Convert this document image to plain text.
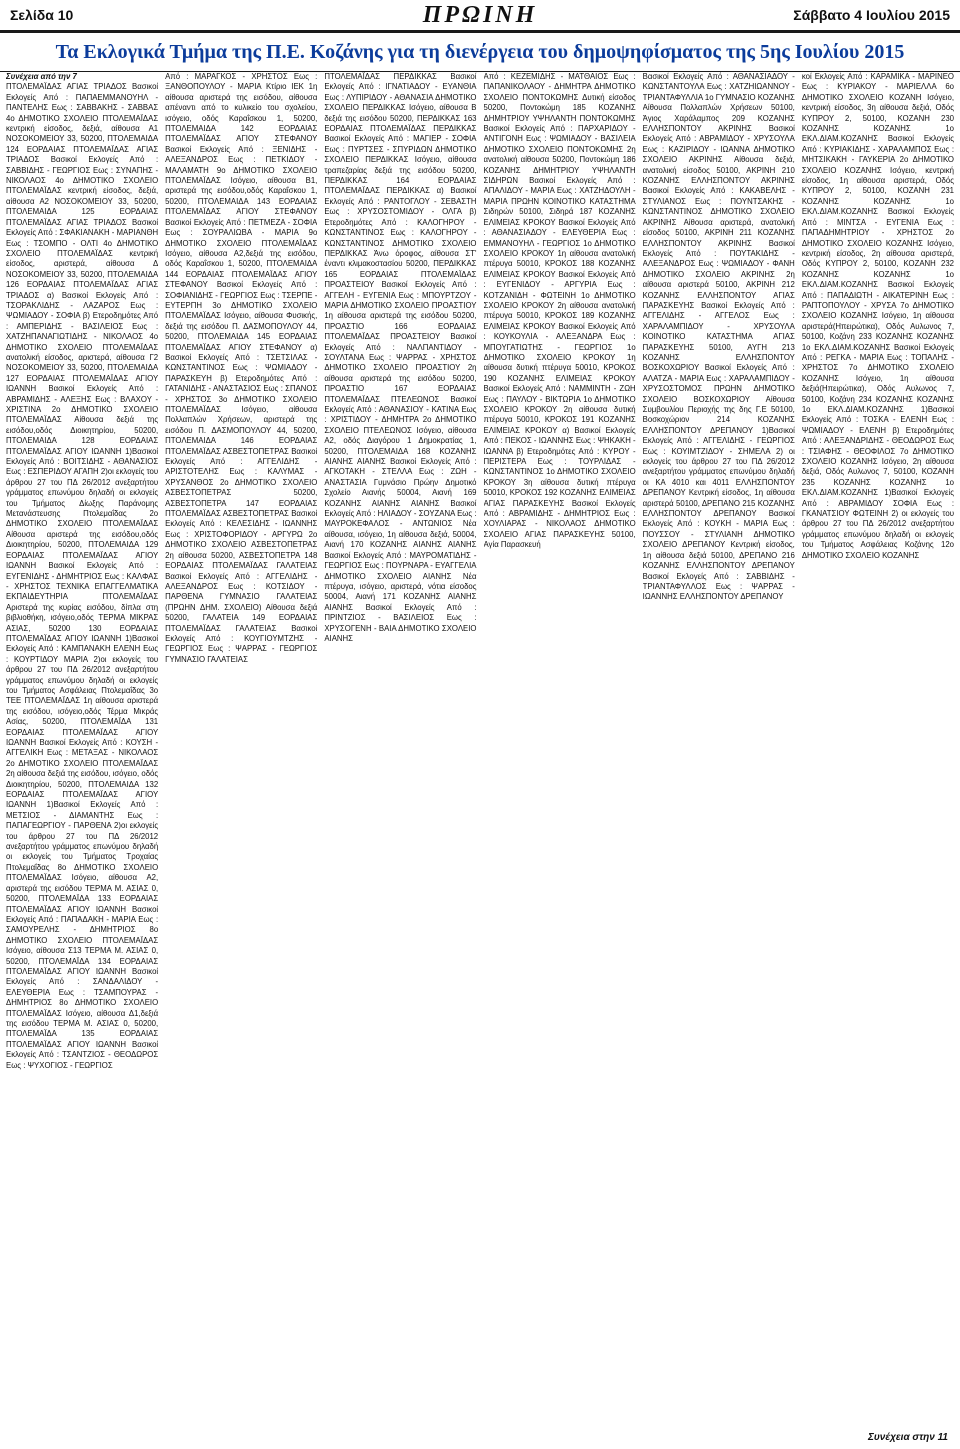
Σελίδα 10	ΠΡΩΙΝΗ	Σάββατο 4 Ιουλίου 2015
Τα Εκλογικά Τμήμα της Π.Ε. Κοζάνης για τη διενέργεια του δημοψηφίσματος της 5ης Ιουλίου 2015
Συνέχεια από την 7

ΠΤΟΛΕΜΑΪΔΑΣ ΑΓΙΑΣ ΤΡΙΑΔΟΣ Βασικοί Εκλογείς Από : ΠΑΠΑΕΜΜΑΝΟΥΗΛ - ΠΑΝΤΕΛΗΣ Εως : ΣΑΒΒΑΚΗΣ - ΣΑΒΒΑΣ 4ο ΔΗΜΟΤΙΚΟ ΣΧΟΛΕΙΟ ΠΤΟΛΕΜΑΪΔΑΣ κεντρική είσοδος, δεξιά, αίθουσα Α1 ΝΟΣΟΚΟΜΕΙΟΥ 33, 50200, ΠΤΟΛΕΜΑΙΔΑ 124 ΕΟΡΔΑΙΑΣ ΠΤΟΛΕΜΑΪΔΑΣ ΑΓΙΑΣ ΤΡΙΑΔΟΣ Βασικοί Εκλογείς Από : ΣΑΒΒΙΔΗΣ - ΓΕΩΡΓΙΟΣ Εως : ΣΥΝΑΠΗΣ - ΝΙΚΟΛΑΟΣ 4ο ΔΗΜΟΤΙΚΟ ΣΧΟΛΕΙΟ ΠΤΟΛΕΜΑΪΔΑΣ κεντρική είσοδος, δεξιά, αίθουσα Α2 ΝΟΣΟΚΟΜΕΙΟΥ 33, 50200, ΠΤΟΛΕΜΑΙΔΑ 125 ΕΟΡΔΑΙΑΣ ΠΤΟΛΕΜΑΪΔΑΣ ΑΓΙΑΣ ΤΡΙΑΔΟΣ Βασικοί Εκλογείς Από : ΣΦΑΚΙΑΝΑΚΗ - ΜΑΡΙΑΝΘΗ Εως : ΤΣΟΜΠΟ - ΟΛΤΙ 4ο ΔΗΜΟΤΙΚΟ ΣΧΟΛΕΙΟ ΠΤΟΛΕΜΑΪΔΑΣ κεντρική είσοδος, αριστερά, αίθουσα Δ ΝΟΣΟΚΟΜΕΙΟΥ 33, 50200, ΠΤΟΛΕΜΑΙΔΑ 126 ΕΟΡΔΑΙΑΣ ΠΤΟΛΕΜΑΪΔΑΣ ΑΓΙΑΣ ΤΡΙΑΔΟΣ α) Βασικοί Εκλογείς Από : ΤΣΟΡΑΚΛΙΔΗΣ - ΛΑΖΑΡΟΣ Εως : ΨΩΜΙΑΔΟΥ - ΣΟΦΙΑ β) Ετεροδημότες Από : ΑΜΠΕΡΙΔΗΣ - ΒΑΣΙΛΕΙΟΣ Εως : ΧΑΤΖΗΠΑΝΑΓΙΩΤΙΔΗΣ - ΝΙΚΟΛΑΟΣ 4ο ΔΗΜΟΤΙΚΟ ΣΧΟΛΕΙΟ ΠΤΟΛΕΜΑΪΔΑΣ ανατολική είσοδος, αριστερά, αίθουσα Γ2 ΝΟΣΟΚΟΜΕΙΟΥ 33, 50200, ΠΤΟΛΕΜΑΙΔΑ 127 ΕΟΡΔΑΙΑΣ ΠΤΟΛΕΜΑΪΔΑΣ ΑΓΙΟΥ ΙΩΑΝΝΗ Βασικοί Εκλογείς Από : ΑΒΡΑΜΙΔΗΣ - ΑΛΕΞΗΣ Εως : ΒΛΑΧΟΥ - ΧΡΙΣΤΙΝΑ 2ο ΔΗΜΟΤΙΚΟ ΣΧΟΛΕΙΟ ΠΤΟΛΕΜΑΪΔΑΣ Αίθουσα δεξιά της εισόδου,οδός Διοικητηρίου, 50200, ΠΤΟΛΕΜΑΙΔΑ 128 ΕΟΡΔΑΙΑΣ ΠΤΟΛΕΜΑΪΔΑΣ ΑΓΙΟΥ ΙΩΑΝΝΗ 1)Βασικοί Εκλογείς Από : ΒΟΙΤΣΙΔΗΣ - ΑΘΑΝΑΣΙΟΣ Εως : ΕΣΠΕΡΙΔΟΥ ΑΓΑΠΗ 2)οι εκλογείς του άρθρου 27 του ΠΔ 26/2012 ανεξαρτήτου γράμματος επωνύμου δηλαδή οι εκλογείς του Τμήματος Δίωξης Παράνομης Μετανάστευσης Πτολεμαΐδας 2ο ΔΗΜΟΤΙΚΟ ΣΧΟΛΕΙΟ ΠΤΟΛΕΜΑΪΔΑΣ Αίθουσα αριστερά της εισόδου,οδός Διοικητηρίου, 50200, ΠΤΟΛΕΜΑΙΔΑ 129 ΕΟΡΔΑΙΑΣ ΠΤΟΛΕΜΑΪΔΑΣ ΑΓΙΟΥ ΙΩΑΝΝΗ Βασικοί Εκλογείς Από : ΕΥΓΕΝΙΔΗΣ - ΔΗΜΗΤΡΙΟΣ Εως : ΚΑΛΦΑΣ - ΧΡΗΣΤΟΣ ΤΕΧΝΙΚΑ ΕΠΑΓΓΕΛΜΑΤΙΚΑ ΕΚΠΑΙΔΕΥΤΗΡΙΑ ΠΤΟΛΕΜΑΪΔΑΣ Αριστερά της κυρίας εισόδου, δίπλα στη βιβλιοθήκη, ισόγειο,οδός ΤΕΡΜΑ ΜΙΚΡΑΣ ΑΣΙΑΣ, 50200 130 ΕΟΡΔΑΙΑΣ ΠΤΟΛΕΜΑΪΔΑΣ ΑΓΙΟΥ ΙΩΑΝΝΗ 1)Βασικοί Εκλογείς Από : ΚΑΜΠΑΝΑΚΗ ΕΛΕΝΗ Εως : ΚΟΥΡΤΙΔΟΥ ΜΑΡΙΑ 2)οι εκλογείς του άρθρου 27 του ΠΔ 26/2012 ανεξαρτήτου γράμματος επωνύμου δηλαδή οι εκλογείς του Τμήματος Ασφάλειας Πτολεμαΐδας 3ο ΤΕΕ ΠΤΟΛΕΜΑΪΔΑΣ 1η αίθουσα αριστερά της εισόδου, ισόγειο,οδός Τέρμα Μικράς Ασίας, 50200, ΠΤΟΛΕΜΑΪΔΑ 131 ΕΟΡΔΑΙΑΣ ΠΤΟΛΕΜΑΪΔΑΣ ΑΓΙΟΥ ΙΩΑΝΝΗ Βασικοί Εκλογείς Από : ΚΟΥΣΗ - ΑΓΓΕΛΙΚΗ Εως : ΜΕΤΑΞΑΣ - ΝΙΚΟΛΑΟΣ 2ο ΔΗΜΟΤΙΚΟ ΣΧΟΛΕΙΟ ΠΤΟΛΕΜΑΪΔΑΣ 2η αίθουσα δεξιά της εισόδου, ισόγειο, οδός Διοικητηρίου, 50200, ΠΤΟΛΕΜΑΙΔΑ 132 ΕΟΡΔΑΙΑΣ ΠΤΟΛΕΜΑΪΔΑΣ ΑΓΙΟΥ ΙΩΑΝΝΗ 1)Βασικοί Εκλογείς Από : ΜΕΤΣΙΟΣ - ΔΙΑΜΑΝΤΗΣ Εως : ΠΑΠΑΓΕΩΡΓΙΟΥ - ΠΑΡΘΕΝΑ 2)οι εκλογείς του άρθρου 27 του ΠΔ 26/2012 ανεξαρτήτου γράμματος επωνύμου δηλαδή οι εκλογείς του Τμήματος Τροχαίας Πτολεμαΐδας 8ο ΔΗΜΟΤΙΚΟ ΣΧΟΛΕΙΟ ΠΤΟΛΕΜΑΪΔΑΣ Ισόγειο, αίθουσα Α2, αριστερά της εισόδου ΤΕΡΜΑ Μ. ΑΣΙΑΣ 0, 50200, ΠΤΟΛΕΜΑΪΔΑ 133 ΕΟΡΔΑΙΑΣ ΠΤΟΛΕΜΑΪΔΑΣ ΑΓΙΟΥ ΙΩΑΝΝΗ Βασικοί Εκλογείς Από : ΠΑΠΑΔΑΚΗ - ΜΑΡΙΑ Εως : ΣΑΜΟΥΡΕΛΗΣ - ΔΗΜΗΤΡΙΟΣ 8ο ΔΗΜΟΤΙΚΟ ΣΧΟΛΕΙΟ ΠΤΟΛΕΜΑΪΔΑΣ Ισόγειο, αίθουσα Σ13 ΤΕΡΜΑ Μ. ΑΣΙΑΣ 0, 50200, ΠΤΟΛΕΜΑΪΔΑ 134 ΕΟΡΔΑΙΑΣ ΠΤΟΛΕΜΑΪΔΑΣ ΑΓΙΟΥ ΙΩΑΝΝΗ Βασικοί Εκλογείς Από : ΣΑΝΔΑΛΙΔΟΥ - ΕΛΕΥΘΕΡΙΑ Εως : ΤΣΑΜΠΟΥΡΑΣ - ΔΗΜΗΤΡΙΟΣ 8ο ΔΗΜΟΤΙΚΟ ΣΧΟΛΕΙΟ ΠΤΟΛΕΜΑΪΔΑΣ Ισόγειο, αίθουσα Δ1,δεξιά της εισόδου ΤΕΡΜΑ Μ. ΑΣΙΑΣ 0, 50200, ΠΤΟΛΕΜΑΪΔΑ 135 ΕΟΡΔΑΙΑΣ ΠΤΟΛΕΜΑΪΔΑΣ ΑΓΙΟΥ ΙΩΑΝΝΗ Βασικοί Εκλογείς Από : ΤΣΑΝΤΖΙΟΣ - ΘΕΟΔΩΡΟΣ Εως : ΨΥΧΟΓΙΟΣ - ΓΕΩΡΓΙΟΣ

Από : ΜΑΡΑΓΚΟΣ - ΧΡΗΣΤΟΣ Εως : ΞΑΝΘΟΠΟΥΛΟΥ - ΜΑΡΙΑ Κτίριο ΙΕΚ 1η αίθουσα αριστερά της εισόδου, αίθουσα απέναντι από το κυλικείο του σχολείου, ισόγειο, οδός Καραΐσκου 1, 50200, ΠΤΟΛΕΜΑΙΔΑ 142 ΕΟΡΔΑΙΑΣ ΠΤΟΛΕΜΑΪΔΑΣ ΑΓΙΟΥ ΣΤΕΦΑΝΟΥ Βασικοί Εκλογείς Από : ΞΕΝΙΔΗΣ - ΑΛΕΞΑΝΔΡΟΣ Εως : ΠΕΤΚΙΔΟΥ - ΜΑΛΑΜΑΤΗ 9ο ΔΗΜΟΤΙΚΟ ΣΧΟΛΕΙΟ ΠΤΟΛΕΜΑΪΔΑΣ Ισόγειο, αίθουσα Β1, αριστερά της εισόδου,οδός Καραΐσκου 1, 50200, ΠΤΟΛΕΜΑΙΔΑ 143 ΕΟΡΔΑΙΑΣ ΠΤΟΛΕΜΑΪΔΑΣ ΑΓΙΟΥ ΣΤΕΦΑΝΟΥ Βασικοί Εκλογείς Από : ΠΕΤΜΕΖΑ - ΣΟΦΙΑ Εως : ΣΟΥΡΑΛΙΩΒΑ - ΜΑΡΙΑ 9ο ΔΗΜΟΤΙΚΟ ΣΧΟΛΕΙΟ ΠΤΟΛΕΜΑΪΔΑΣ Ισόγειο, αίθουσα Α2,δεξιά της εισόδου, οδός Καραΐσκου 1, 50200, ΠΤΟΛΕΜΑΙΔΑ 144 ΕΟΡΔΑΙΑΣ ΠΤΟΛΕΜΑΪΔΑΣ ΑΓΙΟΥ ΣΤΕΦΑΝΟΥ Βασικοί Εκλογείς Από : ΣΟΦΙΑΝΙΔΗΣ - ΓΕΩΡΓΙΟΣ Εως : ΤΣΕΡΠΕ - ΕΥΤΕΡΠΗ 3ο ΔΗΜΟΤΙΚΟ ΣΧΟΛΕΙΟ ΠΤΟΛΕΜΑΪΔΑΣ Ισόγειο, αίθουσα Φυσικής, δεξιά της εισόδου Π. ΔΑΣΜΟΠΟΥΛΟΥ 44, 50200, ΠΤΟΛΕΜΑΙΔΑ 145 ΕΟΡΔΑΙΑΣ ΠΤΟΛΕΜΑΪΔΑΣ ΑΓΙΟΥ ΣΤΕΦΑΝΟΥ α) Βασικοί Εκλογείς Από : ΤΣΕΤΣΙΛΑΣ - ΚΩΝΣΤΑΝΤΙΝΟΣ Εως : ΨΩΜΙΑΔΟΥ - ΠΑΡΑΣΚΕΥΗ β) Ετεροδημότες Από : ΓΑΤΑΝΙΔΗΣ - ΑΝΑΣΤΑΣΙΟΣ Εως : ΣΠΑΝΟΣ - ΧΡΗΣΤΟΣ 3ο ΔΗΜΟΤΙΚΟ ΣΧΟΛΕΙΟ ΠΤΟΛΕΜΑΪΔΑΣ Ισόγειο, αίθουσα Πολλαπλών Χρήσεων, αριστερά της εισόδου Π. ΔΑΣΜΟΠΟΥΛΟΥ 44, 50200, ΠΤΟΛΕΜΑΙΔΑ 146 ΕΟΡΔΑΙΑΣ ΠΤΟΛΕΜΑΪΔΑΣ ΑΣΒΕΣΤΟΠΕΤΡΑΣ Βασικοί Εκλογείς Από : ΑΓΓΕΛΙΔΗΣ - ΑΡΙΣΤΟΤΕΛΗΣ Εως : ΚΑΛΥΜΑΣ - ΧΡΥΣΑΝΘΟΣ 2ο ΔΗΜΟΤΙΚΟ ΣΧΟΛΕΙΟ ΑΣΒΕΣΤΟΠΕΤΡΑΣ 50200, ΑΣΒΕΣΤΟΠΕΤΡΑ 147 ΕΟΡΔΑΙΑΣ ΠΤΟΛΕΜΑΪΔΑΣ ΑΣΒΕΣΤΟΠΕΤΡΑΣ Βασικοί Εκλογείς Από : ΚΕΛΕΣΙΔΗΣ - ΙΩΑΝΝΗΣ Εως : ΧΡΙΣΤΟΦΟΡΙΔΟΥ - ΑΡΓΥΡΩ 2ο ΔΗΜΟΤΙΚΟ ΣΧΟΛΕΙΟ ΑΣΒΕΣΤΟΠΕΤΡΑΣ 2η αίθουσα 50200, ΑΣΒΕΣΤΟΠΕΤΡΑ 148 ΕΟΡΔΑΙΑΣ ΠΤΟΛΕΜΑΪΔΑΣ ΓΑΛΑΤΕΙΑΣ Βασικοί Εκλογείς Από : ΑΓΓΕΛΙΔΗΣ - ΑΛΕΞΑΝΔΡΟΣ Εως : ΚΟΤΣΙΔΟΥ - ΠΑΡΘΕΝΑ ΓΥΜΝΑΣΙΟ ΓΑΛΑΤΕΙΑΣ (ΠΡΩΗΝ ΔΗΜ. ΣΧΟΛΕΙΟ) Αίθουσα δεξιά 50200, ΓΑΛΑΤΕΙΑ 149 ΕΟΡΔΑΙΑΣ ΠΤΟΛΕΜΑΪΔΑΣ ΓΑΛΑΤΕΙΑΣ Βασικοί Εκλογείς Από : ΚΟΥΓΙΟΥΜΤΖΗΣ - ΓΕΩΡΓΙΟΣ Εως : ΨΑΡΡΑΣ - ΓΕΩΡΓΙΟΣ ΓΥΜΝΑΣΙΟ ΓΑΛΑΤΕΙΑΣ

ΠΤΟΛΕΜΑΪΔΑΣ ΠΕΡΔΙΚΚΑΣ Βασικοί Εκλογείς Από : ΙΓΝΑΤΙΑΔΟΥ - ΕΥΑΝΘΙΑ Εως : ΛΥΠΙΡΙΔΟΥ - ΑΘΑΝΑΣΙΑ ΔΗΜΟΤΙΚΟ ΣΧΟΛΕΙΟ ΠΕΡΔΙΚΚΑΣ Ισόγειο, αίθουσα Β δεξιά της εισόδου 50200, ΠΕΡΔΙΚΚΑΣ 163 ΕΟΡΔΑΙΑΣ ΠΤΟΛΕΜΑΪΔΑΣ ΠΕΡΔΙΚΚΑΣ Βασικοί Εκλογείς Από : ΜΑΓΙΕΡ - ΣΟΦΙΑ Εως : ΠΥΡΤΣΕΣ - ΣΠΥΡΙΔΩΝ ΔΗΜΟΤΙΚΟ ΣΧΟΛΕΙΟ ΠΕΡΔΙΚΚΑΣ Ισόγειο, αίθουσα τραπεζαρίας δεξιά της εισόδου 50200, ΠΕΡΔΙΚΚΑΣ 164 ΕΟΡΔΑΙΑΣ ΠΤΟΛΕΜΑΪΔΑΣ ΠΕΡΔΙΚΚΑΣ α) Βασικοί Εκλογείς Από : ΡΑΝΤΟΓΛΟΥ - ΣΕΒΑΣΤΗ Εως : ΧΡΥΣΟΣΤΟΜΙΔΟΥ - ΟΛΓΑ β) Ετεροδημότες Από : ΚΑΛΟΓΗΡΟΥ - ΚΩΝΣΤΑΝΤΙΝΟΣ Εως : ΚΑΛΟΓΗΡΟΥ - ΚΩΝΣΤΑΝΤΙΝΟΣ ΔΗΜΟΤΙΚΟ ΣΧΟΛΕΙΟ ΠΕΡΔΙΚΚΑΣ Άνω όροφος, αίθουσα ΣΤ' έναντι κλιμακοστασίου 50200, ΠΕΡΔΙΚΚΑΣ 165 ΕΟΡΔΑΙΑΣ ΠΤΟΛΕΜΑΪΔΑΣ ΠΡΟΑΣΤΕΙΟΥ Βασικοί Εκλογείς Από : ΑΓΓΕΛΗ - ΕΥΓΕΝΙΑ Εως : ΜΠΟΥΡΤΖΟΥ - ΜΑΡΙΑ ΔΗΜΟΤΙΚΟ ΣΧΟΛΕΙΟ ΠΡΟΑΣΤΙΟΥ 1η αίθουσα αριστερά της εισόδου 50200, ΠΡΟΑΣΤΙΟ 166 ΕΟΡΔΑΙΑΣ ΠΤΟΛΕΜΑΪΔΑΣ ΠΡΟΑΣΤΕΙΟΥ Βασικοί Εκλογείς Από : ΝΑΛΠΑΝΤΙΔΟΥ - ΣΟΥΛΤΑΝΑ Εως : ΨΑΡΡΑΣ - ΧΡΗΣΤΟΣ ΔΗΜΟΤΙΚΟ ΣΧΟΛΕΙΟ ΠΡΟΑΣΤΙΟΥ 2η αίθουσα αριστερά της εισόδου 50200, ΠΡΟΑΣΤΙΟ 167 ΕΟΡΔΑΙΑΣ ΠΤΟΛΕΜΑΪΔΑΣ ΠΤΕΛΕΩΝΟΣ Βασικοί Εκλογείς Από : ΑΘΑΝΑΣΙΟΥ - ΚΑΤΙΝΑ Εως : ΧΡΙΣΤΙΔΟΥ - ΔΗΜΗΤΡΑ 2ο ΔΗΜΟΤΙΚΟ ΣΧΟΛΕΙΟ ΠΤΕΛΕΩΝΟΣ Ισόγειο, αίθουσα Α2, οδός Διαγόρου 1 Δημοκρατίας 1, 50200, ΠΤΟΛΕΜΑΙΔΑ 168 ΚΟΖΑΝΗΣ ΑΙΑΝΗΣ ΑΙΑΝΗΣ Βασικοί Εκλογείς Από : ΑΓΚΟΤΑΚΗ - ΣΤΕΛΛΑ Εως : ΖΩΗ - ΑΝΑΣΤΑΣΙΑ Γυμνάσιο Πρώην Δημοτικό Σχολείο Αιανής 50004, Αιανή 169 ΚΟΖΑΝΗΣ ΑΙΑΝΗΣ ΑΙΑΝΗΣ Βασικοί Εκλογείς Από : ΗΛΙΑΔΟΥ - ΣΟΥΖΑΝΑ Εως : ΜΑΥΡΟΚΕΦΑΛΟΣ - ΑΝΤΩΝΙΟΣ Νέα αίθουσα, ισόγειο, 1η αίθουσα δεξιά, 50004, Αιανή 170 ΚΟΖΑΝΗΣ ΑΙΑΝΗΣ ΑΙΑΝΗΣ Βασικοί Εκλογείς Από : ΜΑΥΡΟΜΑΤΙΔΗΣ - ΓΕΩΡΓΙΟΣ Εως : ΠΟΥΡΝΑΡΑ - ΕΥΑΓΓΕΛΙΑ ΔΗΜΟΤΙΚΟ ΣΧΟΛΕΙΟ ΑΙΑΝΗΣ Νέα πτέρυγα, ισόγειο, αριστερά, νότια είσοδος 50004, Αιανή 171 ΚΟΖΑΝΗΣ ΑΙΑΝΗΣ ΑΙΑΝΗΣ Βασικοί Εκλογείς Από : ΠΡΙΝΤΖΙΟΣ - ΒΑΣΙΛΕΙΟΣ Εως : ΧΡΥΣΟΓΕΝΗ - ΒΑΙΑ ΔΗΜΟΤΙΚΟ ΣΧΟΛΕΙΟ ΑΙΑΝΗΣ

Από : ΚΕΖΕΜΙΔΗΣ - ΜΑΤΘΑΙΟΣ Εως : ΠΑΠΑΝΙΚΟΛΑΟΥ - ΔΗΜΗΤΡΑ ΔΗΜΟΤΙΚΟ ΣΧΟΛΕΙΟ ΠΟΝΤΟΚΩΜΗΣ Δυτική είσοδος 50200, Ποντοκώμη 185 ΚΟΖΑΝΗΣ ΔΗΜΗΤΡΙΟΥ ΥΨΗΛΑΝΤΗ ΠΟΝΤΟΚΩΜΗΣ Βασικοί Εκλογείς Από : ΠΑΡΧΑΡΙΔΟΥ - ΑΝΤΙΓΟΝΗ Εως : ΨΩΜΙΑΔΟΥ - ΒΑΣΙΛΕΙΑ ΔΗΜΟΤΙΚΟ ΣΧΟΛΕΙΟ ΠΟΝΤΟΚΩΜΗΣ 2η ανατολική αίθουσα 50200, Ποντοκώμη 186 ΚΟΖΑΝΗΣ ΔΗΜΗΤΡΙΟΥ ΥΨΗΛΑΝΤΗ ΣΙΔΗΡΩΝ Βασικοί Εκλογείς Από : ΑΠΑΛΙΔΟΥ - ΜΑΡΙΑ Εως : ΧΑΤΖΗΔΟΥΛΗ - ΜΑΡΙΑ ΠΡΩΗΝ ΚΟΙΝΟΤΙΚΟ ΚΑΤΑΣΤΗΜΑ Σιδηρών 50100, Σιδηρά 187 ΚΟΖΑΝΗΣ ΕΛΙΜΕΙΑΣ ΚΡΟΚΟΥ Βασικοί Εκλογείς Από : ΑΘΑΝΑΣΙΑΔΟΥ - ΕΛΕΥΘΕΡΙΑ Εως : ΕΜΜΑΝΟΥΗΛ - ΓΕΩΡΓΙΟΣ 1ο ΔΗΜΟΤΙΚΟ ΣΧΟΛΕΙΟ ΚΡΟΚΟΥ 1η αίθουσα ανατολική πτέρυγα 50010, ΚΡΟΚΟΣ 188 ΚΟΖΑΝΗΣ ΕΛΙΜΕΙΑΣ ΚΡΟΚΟΥ Βασικοί Εκλογείς Από : ΕΥΓΕΝΙΔΟΥ - ΑΡΓΥΡΙΑ Εως : ΚΟΤΖΑΝΙΔΗ - ΦΩΤΕΙΝΗ 1ο ΔΗΜΟΤΙΚΟ ΣΧΟΛΕΙΟ ΚΡΟΚΟΥ 2η αίθουσα ανατολική πτέρυγα 50010, ΚΡΟΚΟΣ 189 ΚΟΖΑΝΗΣ ΕΛΙΜΕΙΑΣ ΚΡΟΚΟΥ Βασικοί Εκλογείς Από : ΚΟΥΚΟΥΛΙΑ - ΑΛΕΞΑΝΔΡΑ Εως : ΜΠΟΥΓΑΤΙΩΤΗΣ - ΓΕΩΡΓΙΟΣ 1ο ΔΗΜΟΤΙΚΟ ΣΧΟΛΕΙΟ ΚΡΟΚΟΥ 1η αίθουσα δυτική πτέρυγα 50010, ΚΡΟΚΟΣ 190 ΚΟΖΑΝΗΣ ΕΛΙΜΕΙΑΣ ΚΡΟΚΟΥ Βασικοί Εκλογείς Από : ΝΑΜΜΙΝΤΗ - ΖΩΗ Εως : ΠΑΥΛΟΥ - ΒΙΚΤΩΡΙΑ 1ο ΔΗΜΟΤΙΚΟ ΣΧΟΛΕΙΟ ΚΡΟΚΟΥ 2η αίθουσα δυτική πτέρυγα 50010, ΚΡΟΚΟΣ 191 ΚΟΖΑΝΗΣ ΕΛΙΜΕΙΑΣ ΚΡΟΚΟΥ α) Βασικοί Εκλογείς Από : ΠΕΚΟΣ - ΙΩΑΝΝΗΣ Εως : ΨΗΚΑΚΗ - ΙΩΑΝΝΑ β) Ετεροδημότες Από : ΚΥΡΟΥ - ΠΕΡΙΣΤΕΡΑ Εως : ΤΟΥΡΛΙΔΑΣ - ΚΩΝΣΤΑΝΤΙΝΟΣ 1ο ΔΗΜΟΤΙΚΟ ΣΧΟΛΕΙΟ ΚΡΟΚΟΥ 3η αίθουσα δυτική πτέρυγα 50010, ΚΡΟΚΟΣ 192 ΚΟΖΑΝΗΣ ΕΛΙΜΕΙΑΣ ΑΓΙΑΣ ΠΑΡΑΣΚΕΥΗΣ Βασικοί Εκλογείς Από : ΑΒΡΑΜΙΔΗΣ - ΔΗΜΗΤΡΙΟΣ Εως : ΧΟΥΛΙΑΡΑΣ - ΝΙΚΟΛΑΟΣ ΔΗΜΟΤΙΚΟ ΣΧΟΛΕΙΟ ΑΓΙΑΣ ΠΑΡΑΣΚΕΥΗΣ 50100, Αγία Παρασκευή

Βασικοί Εκλογείς Από : ΑΘΑΝΑΣΙΑΔΟΥ - ΚΩΝΣΤΑΝΤΟΥΛΑ Εως : ΧΑΤΖΗΙΩΑΝΝΟΥ - ΤΡΙΑΝΤΑΦΥΛΛΙΑ 1ο ΓΥΜΝΑΣΙΟ ΚΟΖΑΝΗΣ Αίθουσα Πολλαπλών Χρήσεων 50100, Άγιος Χαράλαμπος 209 ΚΟΖΑΝΗΣ ΕΛΛΗΣΠΟΝΤΟΥ ΑΚΡΙΝΗΣ Βασικοί Εκλογείς Από : ΑΒΡΑΜΙΔΟΥ - ΧΡΥΣΟΥΛΑ Εως : ΚΑΖΙΡΙΔΟΥ - ΙΩΑΝΝΑ ΔΗΜΟΤΙΚΟ ΣΧΟΛΕΙΟ ΑΚΡΙΝΗΣ Αίθουσα δεξιά, ανατολική είσοδος 50100, ΑΚΡΙΝΗ 210 ΚΟΖΑΝΗΣ ΕΛΛΗΣΠΟΝΤΟΥ ΑΚΡΙΝΗΣ Βασικοί Εκλογείς Από : ΚΑΚΑΒΕΛΗΣ - ΣΤΥΛΙΑΝΟΣ Εως : ΠΟΥΝΤΣΑΚΗΣ - ΚΩΝΣΤΑΝΤΙΝΟΣ ΔΗΜΟΤΙΚΟ ΣΧΟΛΕΙΟ ΑΚΡΙΝΗΣ Αίθουσα αριστερά, ανατολική είσοδος 50100, ΑΚΡΙΝΗ 211 ΚΟΖΑΝΗΣ ΕΛΛΗΣΠΟΝΤΟΥ ΑΚΡΙΝΗΣ Βασικοί Εκλογείς Από : ΠΟΥΤΑΚΙΔΗΣ - ΑΛΕΞΑΝΔΡΟΣ Εως : ΨΩΜΙΑΔΟΥ - ΦΑΝΗ ΔΗΜΟΤΙΚΟ ΣΧΟΛΕΙΟ ΑΚΡΙΝΗΣ 2η αίθουσα αριστερά 50100, ΑΚΡΙΝΗ 212 ΚΟΖΑΝΗΣ ΕΛΛΗΣΠΟΝΤΟΥ ΑΓΙΑΣ ΠΑΡΑΣΚΕΥΗΣ Βασικοί Εκλογείς Από : ΑΓΓΕΛΙΔΗΣ - ΑΓΓΕΛΟΣ Εως : ΧΑΡΑΛΑΜΠΙΔΟΥ - ΧΡΥΣΟΥΛΑ ΚΟΙΝΟΤΙΚΟ ΚΑΤΑΣΤΗΜΑ ΑΓΙΑΣ ΠΑΡΑΣΚΕΥΗΣ 50100, ΑΥΓΗ 213 ΚΟΖΑΝΗΣ ΕΛΛΗΣΠΟΝΤΟΥ ΒΟΣΚΟΧΩΡΙΟΥ Βασικοί Εκλογείς Από : ΑΛΑΤΖΑ - ΜΑΡΙΑ Εως : ΧΑΡΑΛΑΜΠΙΔΟΥ - ΧΡΥΣΟΣΤΟΜΟΣ ΠΡΩΗΝ ΔΗΜΟΤΙΚΟ ΣΧΟΛΕΙΟ ΒΟΣΚΟΧΩΡΙΟΥ Αίθουσα Συμβουλίου Περιοχής της δης Γ.Ε 50100, Βοσκοχώριον 214 ΚΟΖΑΝΗΣ ΕΛΛΗΣΠΟΝΤΟΥ ΔΡΕΠΑΝΟΥ 1)Βασικοί Εκλογείς Από : ΑΓΓΕΛΙΔΗΣ - ΓΕΩΡΓΙΟΣ Εως : ΚΟΥΙΜΤΖΙΔΟΥ - ΣΗΜΕΛΑ 2) οι εκλογείς του άρθρου 27 του ΠΔ 26/2012 ανεξαρτήτου γράμματος επωνύμου δηλαδή οι ΚΑ 4010 και 4011 ΕΛΛΗΣΠΟΝΤΟΥ ΔΡΕΠΑΝΟΥ Κεντρική είσοδος, 1η αίθουσα αριστερά 50100, ΔΡΕΠΑΝΟ 215 ΚΟΖΑΝΗΣ ΕΛΛΗΣΠΟΝΤΟΥ ΔΡΕΠΑΝΟΥ Βασικοί Εκλογείς Από : ΚΟΥΚΗ - ΜΑΡΙΑ Εως : ΠΟΥΣΣΟΥ - ΣΤΥΛΙΑΝΗ ΔΗΜΟΤΙΚΟ ΣΧΟΛΕΙΟ ΔΡΕΠΑΝΟΥ Κεντρική είσοδος, 1η αίθουσα δεξιά 50100, ΔΡΕΠΑΝΟ 216 ΚΟΖΑΝΗΣ ΕΛΛΗΣΠΟΝΤΟΥ ΔΡΕΠΑΝΟΥ Βασικοί Εκλογείς Από : ΣΑΒΒΙΔΗΣ - ΤΡΙΑΝΤΑΦΥΛΛΟΣ Εως : ΨΑΡΡΑΣ - ΙΩΑΝΝΗΣ ΕΛΛΗΣΠΟΝΤΟΥ ΔΡΕΠΑΝΟΥ

κοί Εκλογείς Από : ΚΑΡΑΜΙΚΑ - ΜΑΡΙΝΕΟ Εως : ΚΥΡΙΑΚΟΥ - ΜΑΡΙΕΛΛΑ 6ο ΔΗΜΟΤΙΚΟ ΣΧΟΛΕΙΟ ΚΟΖΑΝΗ Ισόγειο, κεντρική είσοδος, 3η αίθουσα δεξιά, Οδός ΚΥΠΡΟΥ 2, 50100, ΚΟΖΑΝΗ 230 ΚΟΖΑΝΗΣ ΚΟΖΑΝΗΣ 1ο ΕΚΛ.ΔΙΑΜ.ΚΟΖΑΝΗΣ Βασικοί Εκλογείς Από : ΚΥΡΙΑΚΙΔΗΣ - ΧΑΡΑΛΑΜΠΟΣ Εως : ΜΗΤΣΙΚΑΚΗ - ΓΑΥΚΕΡΙΑ 2ο ΔΗΜΟΤΙΚΟ ΣΧΟΛΕΙΟ ΚΟΖΑΝΗΣ Ισόγειο, κεντρική είσοδος, 1η αίθουσα αριστερά, Οδός ΚΥΠΡΟΥ 2, 50100, ΚΟΖΑΝΗ 231 ΚΟΖΑΝΗΣ ΚΟΖΑΝΗΣ 1ο ΕΚΛ.ΔΙΑΜ.ΚΟΖΑΝΗΣ Βασικοί Εκλογείς Από : ΜΙΝΤΣΑ - ΕΥΓΕΝΙΑ Εως : ΠΑΠΑΔΗΜΗΤΡΙΟΥ - ΧΡΗΣΤΟΣ 2ο ΔΗΜΟΤΙΚΟ ΣΧΟΛΕΙΟ ΚΟΖΑΝΗΣ Ισόγειο, κεντρική είσοδος, 2η αίθουσα αριστερά, Οδός ΚΥΠΡΟΥ 2, 50100, ΚΟΖΑΝΗ 232 ΚΟΖΑΝΗΣ ΚΟΖΑΝΗΣ 1ο ΕΚΛ.ΔΙΑΜ.ΚΟΖΑΝΗΣ Βασικοί Εκλογείς Από : ΠΑΠΑΔΙΩΤΗ - ΑΙΚΑΤΕΡΙΝΗ Εως : ΡΑΠΤΟΠΟΥΛΟΥ - ΧΡΥΣΑ 7ο ΔΗΜΟΤΙΚΟ ΣΧΟΛΕΙΟ ΚΟΖΑΝΗΣ Ισόγειο, 1η αίθουσα αριστερά(Ηπειρώτικα), Οδός Αυλωνος 7, 50100, Κοζάνη 233 ΚΟΖΑΝΗΣ ΚΟΖΑΝΗΣ 1ο ΕΚΛ.ΔΙΑΜ.ΚΟΖΑΝΗΣ Βασικοί Εκλογείς Από : ΡΕΓΚΑ - ΜΑΡΙΑ Εως : ΤΟΠΑΛΗΣ - ΧΡΗΣΤΟΣ 7ο ΔΗΜΟΤΙΚΟ ΣΧΟΛΕΙΟ ΚΟΖΑΝΗΣ Ισόγειο, 1η αίθουσα δεξιά(Ηπειρώτικα), Οδός Αυλωνος 7, 50100, Κοζάνη 234 ΚΟΖΑΝΗΣ ΚΟΖΑΝΗΣ 1ο ΕΚΛ.ΔΙΑΜ.ΚΟΖΑΝΗΣ 1)Βασικοί Εκλογείς Από : ΤΟΣΚΑ - ΕΛΕΝΗ Εως : ΨΩΜΙΑΔΟΥ - ΕΛΕΝΗ β) Ετεροδημότες Από : ΑΛΕΞΑΝΔΡΙΔΗΣ - ΘΕΟΔΩΡΟΣ Εως : ΤΣΙΑΦΗΣ - ΘΕΟΦΙΛΟΣ 7ο ΔΗΜΟΤΙΚΟ ΣΧΟΛΕΙΟ ΚΟΖΑΝΗΣ Ισόγειο, 2η αίθουσα δεξιά, Οδός Αυλωνος 7, 50100, ΚΟΖΑΝΗ 235 ΚΟΖΑΝΗΣ ΚΟΖΑΝΗΣ 1ο ΕΚΛ.ΔΙΑΜ.ΚΟΖΑΝΗΣ 1)Βασικοί Εκλογείς Από : ΑΒΡΑΜΙΔΟΥ ΣΟΦΙΑ Εως : ΓΚΑΝΑΤΣΙΟΥ ΦΩΤΕΙΝΗ 2) οι εκλογείς του άρθρου 27 του ΠΔ 26/2012 ανεξαρτήτου γράμματος επωνύμου δηλαδή οι εκλογείς του Τμήματος Ασφάλειας Κοζάνης 12ο ΔΗΜΟΤΙΚΟ ΣΧΟΛΕΙΟ ΚΟΖΑΝΗΣ

Συνέχεια στην 11
